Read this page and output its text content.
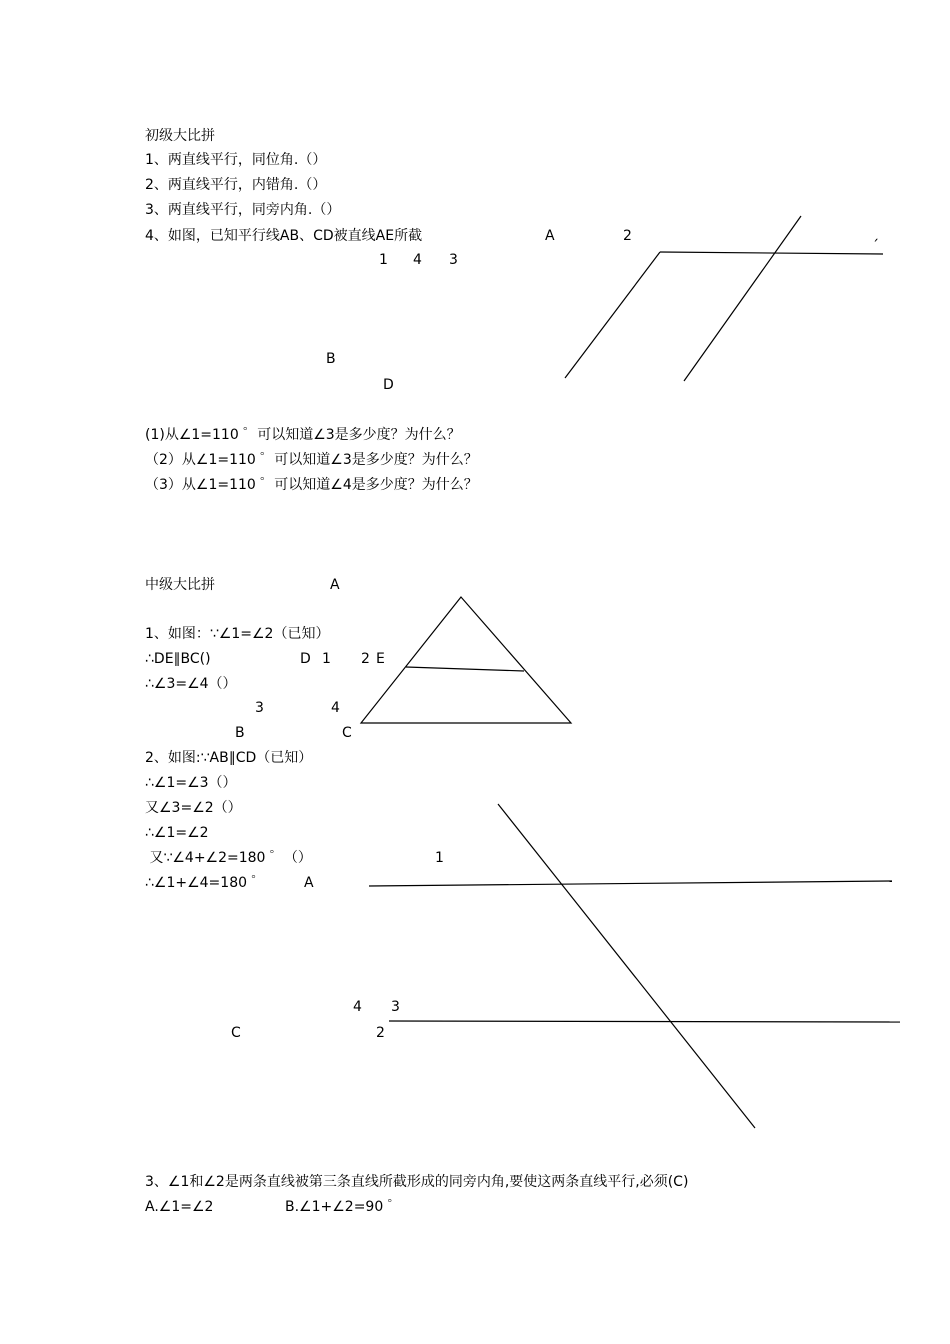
初级大比拼
1、两直线平行，同位角.（）
2、两直线平行，内错角.（）
3、两直线平行，同旁内角.（）
4、如图，已知平行线AB、CD被直线AE所截	A	2	ˏ
1 4 3
B
D
(1)从∠1=110 ゜可以知道∠3是多少度？为什么？
（2）从∠1=110 ゜可以知道∠3是多少度？为什么？
（3）从∠1=110 ゜可以知道∠4是多少度？为什么？
中级大比拼	A
1、如图：∵∠1=∠2（已知）
∴DE∥BC()	D 1 2 E
∴∠3=∠4（）
3	4
B	C
2、如图:∵AB∥CD（已知）
∴∠1=∠3（）
又∠3=∠2（）
∴∠1=∠2
又∵∠4+∠2=180 ゜（）	1
∴∠1+∠4=180 ゜	A
4 3
C	2
3、∠1和∠2是两条直线被第三条直线所截形成的同旁内角,要使这两条直线平行,必须(C)
A.∠1=∠2	B.∠1+∠2=90 ゜
